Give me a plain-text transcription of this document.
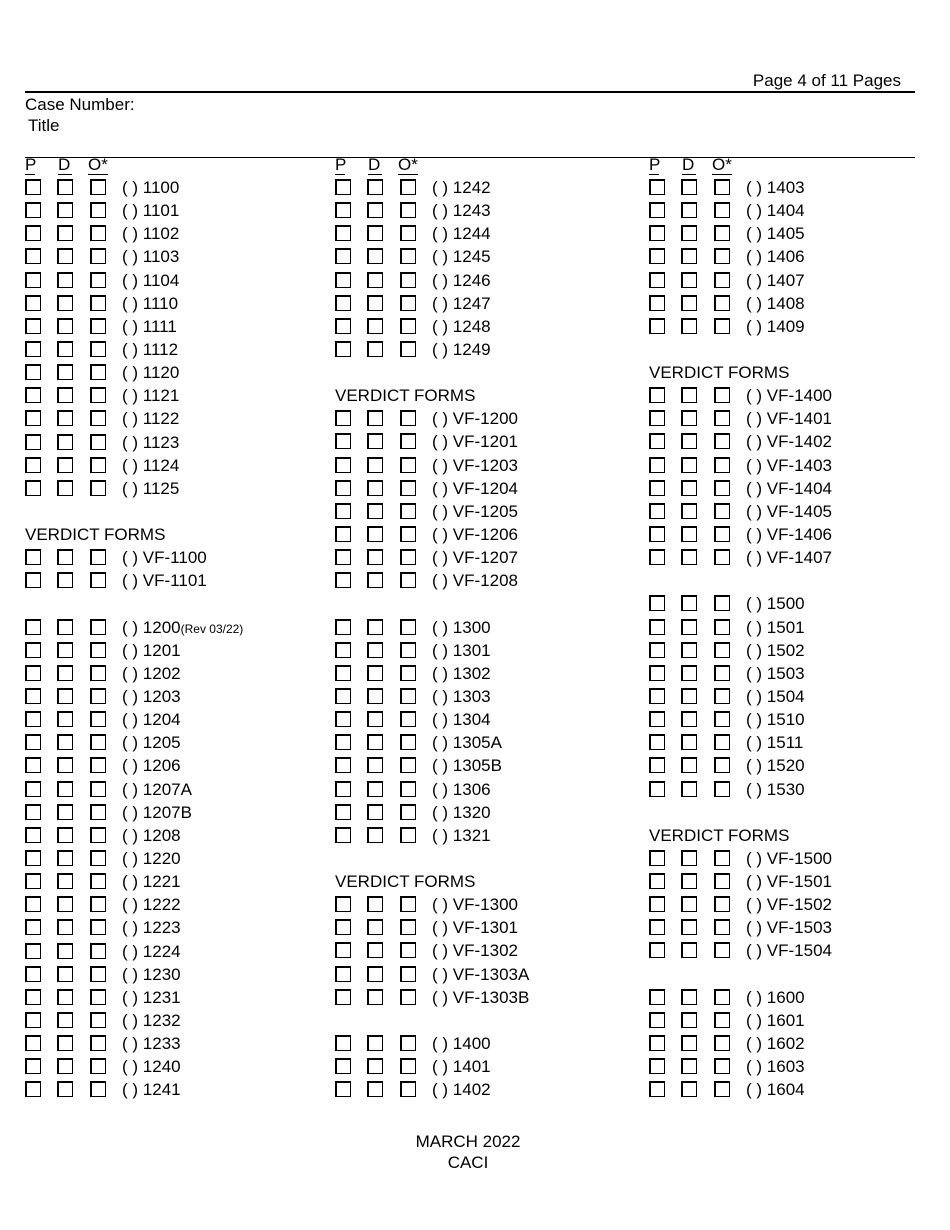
Page 4 of 11 Pages
Case Number:
Title
P D O*
( ) 1100
( ) 1101
( ) 1102
( ) 1103
( ) 1104
( ) 1110
( ) 1111
( ) 1112
( ) 1120
( ) 1121
( ) 1122
( ) 1123
( ) 1124
( ) 1125
VERDICT FORMS
( ) VF-1100
( ) VF-1101
( ) 1200(Rev 03/22)
( ) 1201
( ) 1202
( ) 1203
( ) 1204
( ) 1205
( ) 1206
( ) 1207A
( ) 1207B
( ) 1208
( ) 1220
( ) 1221
( ) 1222
( ) 1223
( ) 1224
( ) 1230
( ) 1231
( ) 1232
( ) 1233
( ) 1240
( ) 1241
P D O*
( ) 1242
( ) 1243
( ) 1244
( ) 1245
( ) 1246
( ) 1247
( ) 1248
( ) 1249
VERDICT FORMS
( ) VF-1200
( ) VF-1201
( ) VF-1203
( ) VF-1204
( ) VF-1205
( ) VF-1206
( ) VF-1207
( ) VF-1208
( ) 1300
( ) 1301
( ) 1302
( ) 1303
( ) 1304
( ) 1305A
( ) 1305B
( ) 1306
( ) 1320
( ) 1321
VERDICT FORMS
( ) VF-1300
( ) VF-1301
( ) VF-1302
( ) VF-1303A
( ) VF-1303B
( ) 1400
( ) 1401
( ) 1402
P D O*
( ) 1403
( ) 1404
( ) 1405
( ) 1406
( ) 1407
( ) 1408
( ) 1409
VERDICT FORMS
( ) VF-1400
( ) VF-1401
( ) VF-1402
( ) VF-1403
( ) VF-1404
( ) VF-1405
( ) VF-1406
( ) VF-1407
( ) 1500
( ) 1501
( ) 1502
( ) 1503
( ) 1504
( ) 1510
( ) 1511
( ) 1520
( ) 1530
VERDICT FORMS
( ) VF-1500
( ) VF-1501
( ) VF-1502
( ) VF-1503
( ) VF-1504
( ) 1600
( ) 1601
( ) 1602
( ) 1603
( ) 1604
MARCH 2022
CACI
